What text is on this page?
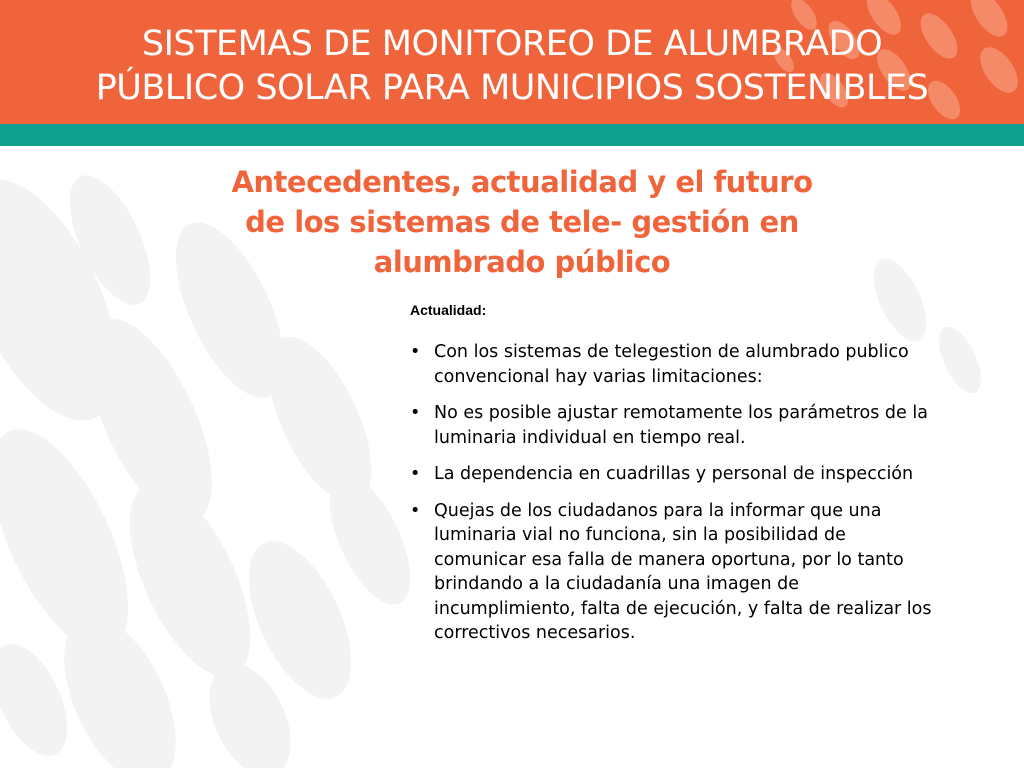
SISTEMAS DE MONITOREO DE ALUMBRADO
PÚBLICO SOLAR PARA MUNICIPIOS SOSTENIBLES
Antecedentes, actualidad y el futuro
de los sistemas de tele- gestión en
alumbrado público

Actualidad:

• Con los sistemas de telegestion de alumbrado publico convencional hay varias limitaciones:
• No es posible ajustar remotamente los parámetros de la luminaria individual en tiempo real.
• La dependencia en cuadrillas y personal de inspección
• Quejas de los ciudadanos para la informar que una luminaria vial no funciona, sin la posibilidad de comunicar esa falla de manera oportuna, por lo tanto brindando a la ciudadanía una imagen de incumplimiento, falta de ejecución, y falta de realizar los correctivos necesarios.
